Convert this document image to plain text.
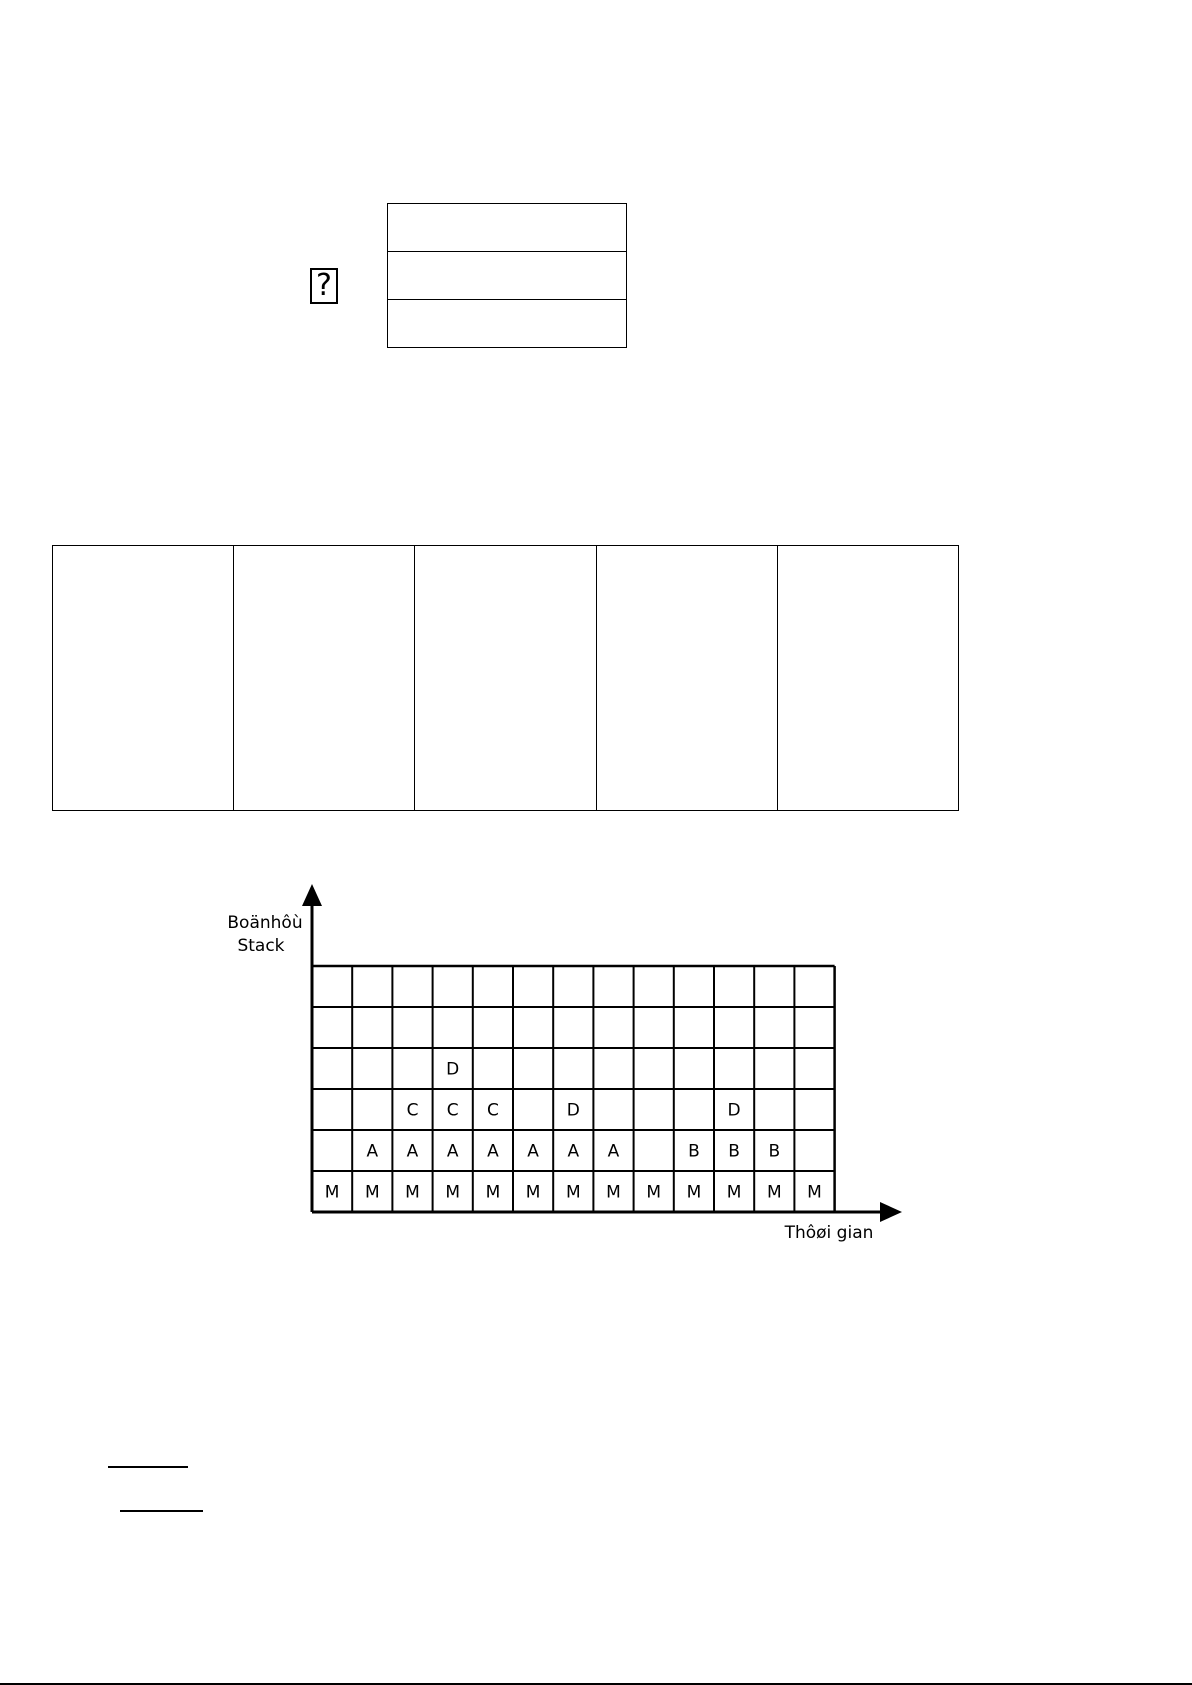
?
M M
A
M
A
C
M
A
C
D
M
A
C
M
A
M
A
D
M
A
M M
B
M
B
D
M
B
M
Boänhôù
Stack
Thôøi gian
